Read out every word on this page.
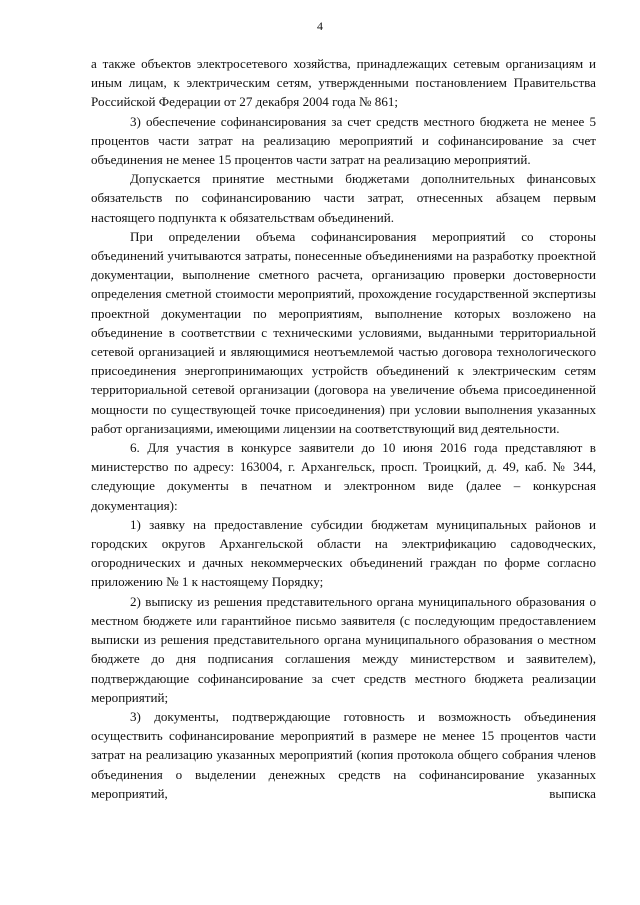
4

а также объектов электросетевого хозяйства, принадлежащих сетевым организациям и иным лицам, к электрическим сетям, утвержденными постановлением Правительства Российской Федерации от 27 декабря 2004 года № 861;

3) обеспечение софинансирования за счет средств местного бюджета не менее 5 процентов части затрат на реализацию мероприятий и софинансирование за счет объединения не менее 15 процентов части затрат на реализацию мероприятий.

Допускается принятие местными бюджетами дополнительных финансовых обязательств по софинансированию части затрат, отнесенных абзацем первым настоящего подпункта к обязательствам объединений.

При определении объема софинансирования мероприятий со стороны объединений учитываются затраты, понесенные объединениями на разработку проектной документации, выполнение сметного расчета, организацию проверки достоверности определения сметной стоимости мероприятий, прохождение государственной экспертизы проектной документации по мероприятиям, выполнение которых возложено на объединение в соответствии с техническими условиями, выданными территориальной сетевой организацией и являющимися неотъемлемой частью договора технологического присоединения энергопринимающих устройств объединений к электрическим сетям территориальной сетевой организации (договора на увеличение объема присоединенной мощности по существующей точке присоединения) при условии выполнения указанных работ организациями, имеющими лицензии на соответствующий вид деятельности.

6. Для участия в конкурсе заявители до 10 июня 2016 года представляют в министерство по адресу: 163004, г. Архангельск, просп. Троицкий, д. 49, каб. № 344, следующие документы в печатном и электронном виде (далее – конкурсная документация):

1) заявку на предоставление субсидии бюджетам муниципальных районов и городских округов Архангельской области на электрификацию садоводческих, огороднических и дачных некоммерческих объединений граждан по форме согласно приложению № 1 к настоящему Порядку;

2) выписку из решения представительного органа муниципального образования о местном бюджете или гарантийное письмо заявителя (с последующим предоставлением выписки из решения представительного органа муниципального образования о местном бюджете до дня подписания соглашения между министерством и заявителем), подтверждающие софинансирование за счет средств местного бюджета реализации мероприятий;

3) документы, подтверждающие готовность и возможность объединения осуществить софинансирование мероприятий в размере не менее 15 процентов части затрат на реализацию указанных мероприятий (копия протокола общего собрания членов объединения о выделении денежных средств на софинансирование указанных мероприятий, выписка
